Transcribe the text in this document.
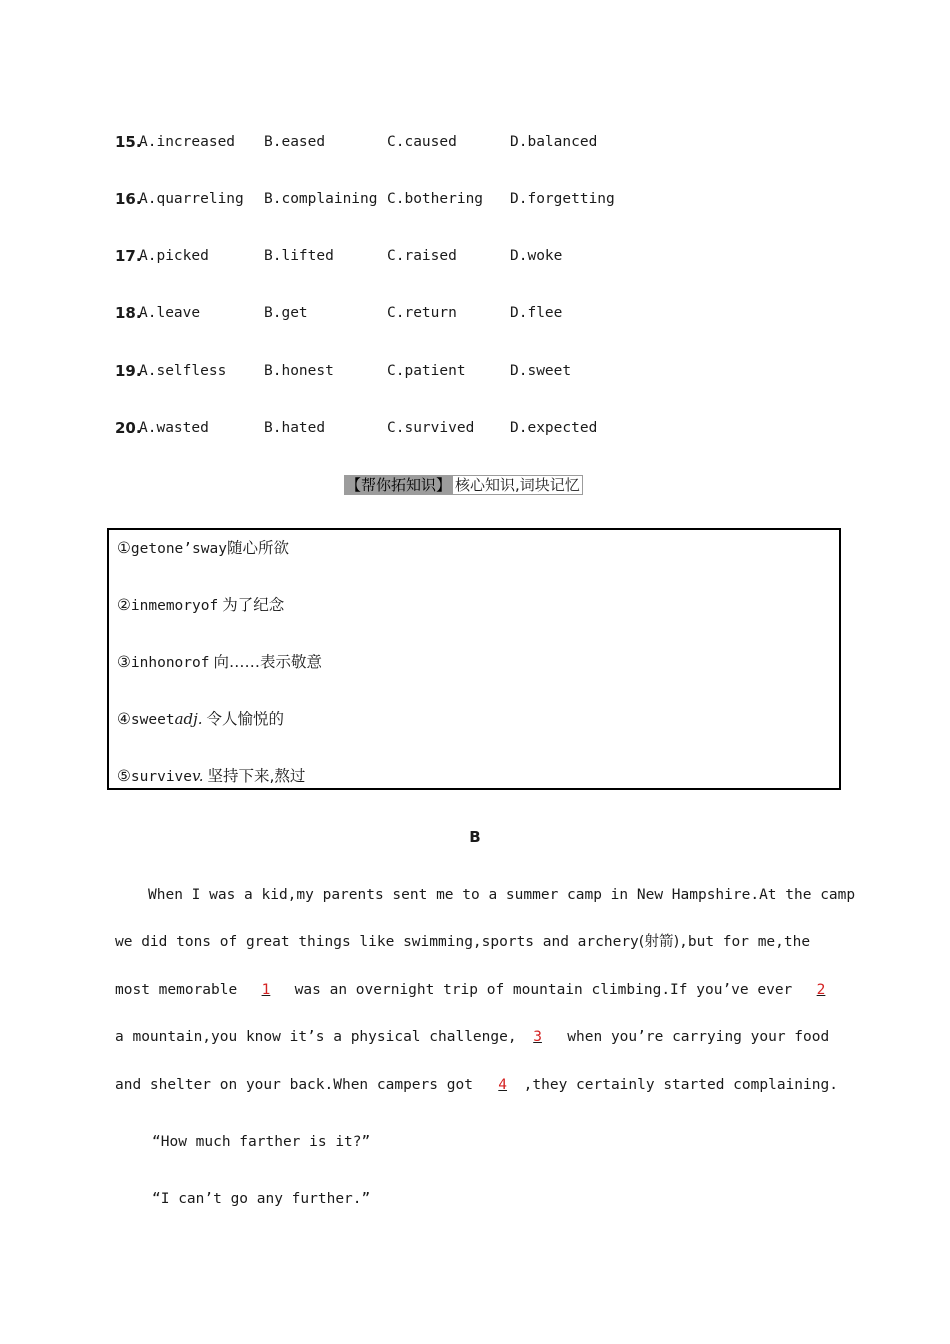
15.
A.increased B.eased	C.caused	D.balanced
16.
A.quarreling B.complaining C.bothering D.forgetting
17.
A.picked	B.lifted	C.raised	D.woke
18.
A.leave	B.get	C.return	D.flee
19.
A.selfless	B.honest	C.patient	D.sweet
20.
A.wasted	B.hated	C.survived D.expected
【帮你拓知识】 核心知识,词块记忆
①getone’sway随心所欲
②inmemoryof 为了纪念
③inhonorof 向……表示敬意
④sweetadj. 令人愉悦的
⑤survivev. 坚持下来,熬过
B
When I was a kid,my parents sent me to a summer camp in New Hampshire.At the camp
we did tons of great things like swimming,sports and archery(射箭),but for me,the
most memorable 1 was an overnight trip of mountain climbing.If you’ve ever 2
a mountain,you know it’s a physical challenge, 3 when you’re carrying your food
and shelter on your back.When campers got 4 ,they certainly started complaining.
“How much farther is it?”
“I can’t go any further.”
